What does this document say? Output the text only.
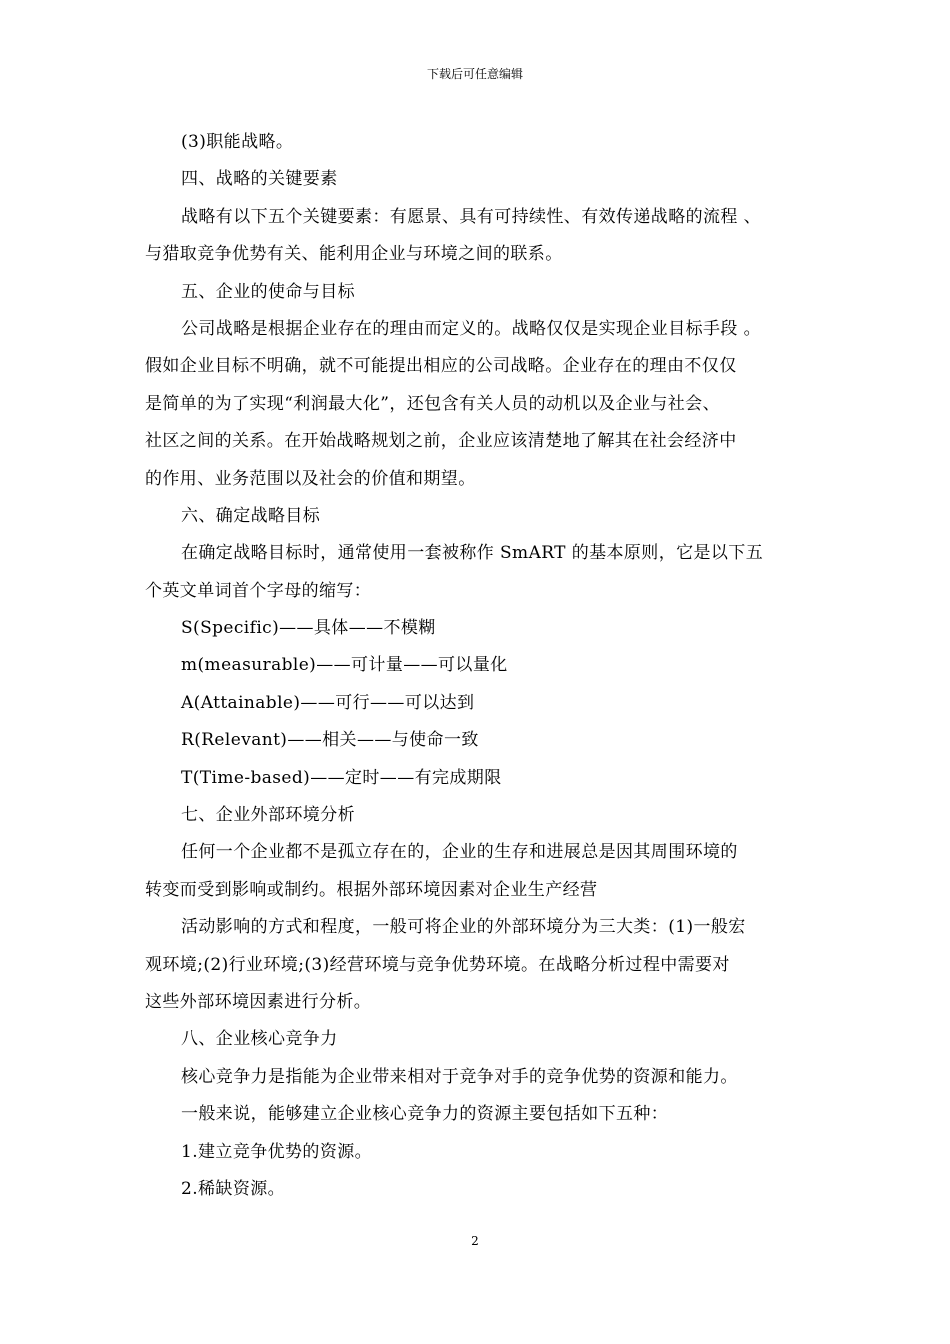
下载后可任意编辑
(3)职能战略。
四、战略的关键要素
战略有以下五个关键要素：有愿景、具有可持续性、有效传递战略的流程 、
与猎取竞争优势有关、能利用企业与环境之间的联系。
五、企业的使命与目标
公司战略是根据企业存在的理由而定义的。战略仅仅是实现企业目标手段 。
假如企业目标不明确，就不可能提出相应的公司战略。企业存在的理由不仅仅
是简单的为了实现“利润最大化”，还包含有关人员的动机以及企业与社会、
社区之间的关系。在开始战略规划之前，企业应该清楚地了解其在社会经济中
的作用、业务范围以及社会的价值和期望。
六、确定战略目标
在确定战略目标时，通常使用一套被称作 SmART 的基本原则，它是以下五
个英文单词首个字母的缩写：
S(Specific)——具体——不模糊
m(measurable)——可计量——可以量化
A(Attainable)——可行——可以达到
R(Relevant)——相关——与使命一致
T(Time-based)——定时——有完成期限
七、企业外部环境分析
任何一个企业都不是孤立存在的，企业的生存和进展总是因其周围环境的
转变而受到影响或制约。根据外部环境因素对企业生产经营
活动影响的方式和程度，一般可将企业的外部环境分为三大类：(1)一般宏
观环境;(2)行业环境;(3)经营环境与竞争优势环境。在战略分析过程中需要对
这些外部环境因素进行分析。
八、企业核心竞争力
核心竞争力是指能为企业带来相对于竞争对手的竞争优势的资源和能力。
一般来说，能够建立企业核心竞争力的资源主要包括如下五种：
1.建立竞争优势的资源。
2.稀缺资源。
2
